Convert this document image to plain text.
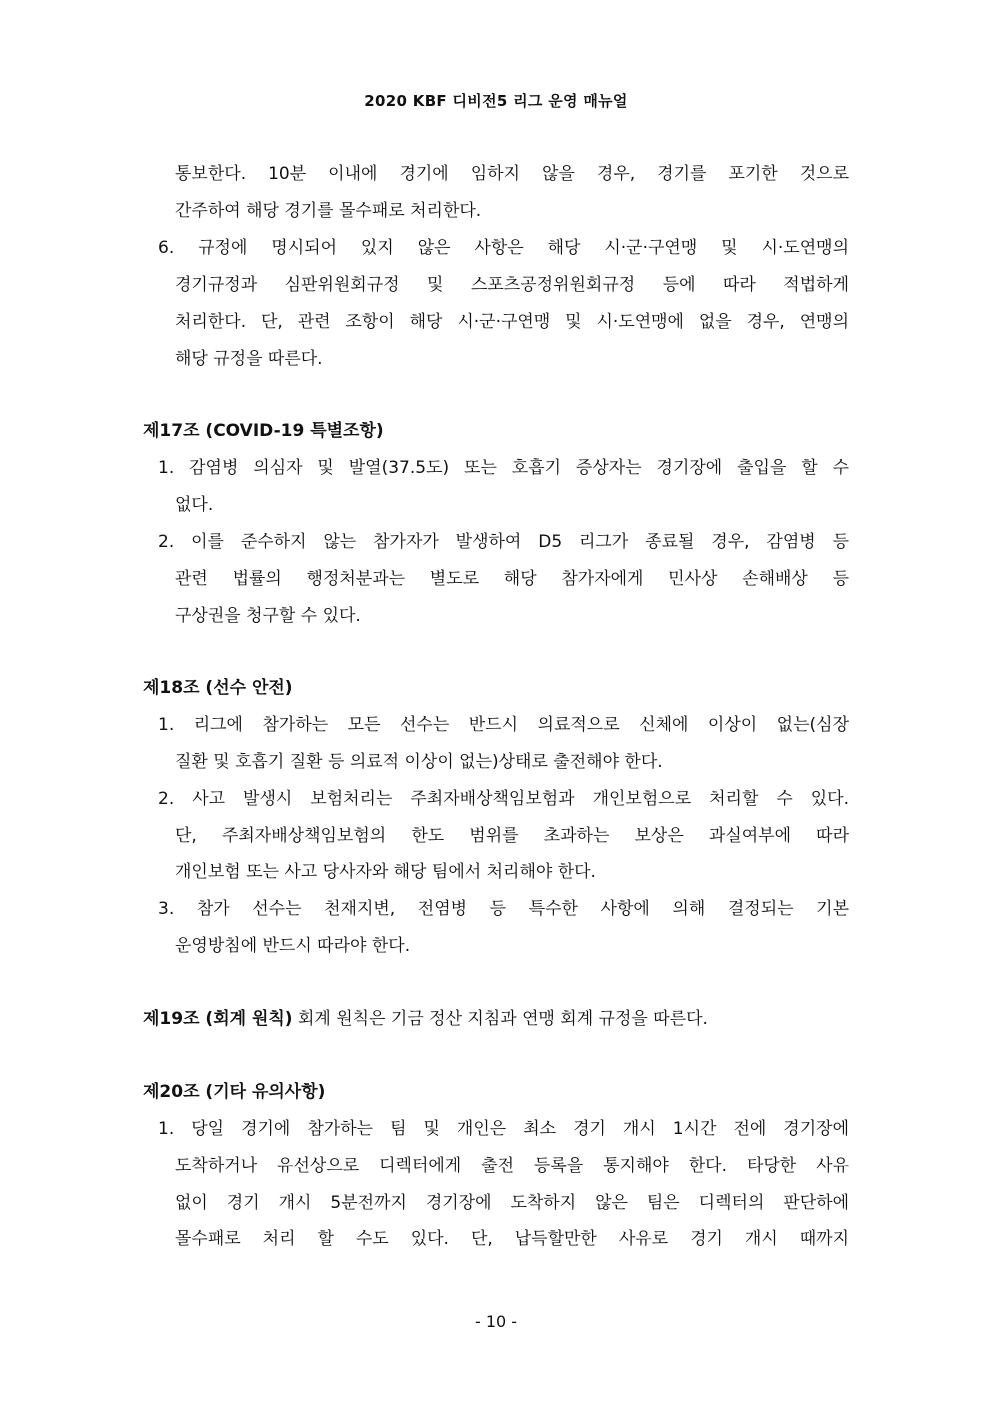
2020 KBF 디비전5 리그 운영 매뉴얼
통보한다. 10분 이내에 경기에 임하지 않을 경우, 경기를 포기한 것으로
간주하여 해당 경기를 몰수패로 처리한다.
6. 규정에 명시되어 있지 않은 사항은 해당 시·군·구연맹 및 시·도연맹의
경기규정과 심판위원회규정 및 스포츠공정위원회규정 등에 따라 적법하게
처리한다. 단, 관련 조항이 해당 시·군·구연맹 및 시·도연맹에 없을 경우, 연맹의
해당 규정을 따른다.
제17조 (COVID-19 특별조항)
1. 감염병 의심자 및 발열(37.5도) 또는 호흡기 증상자는 경기장에 출입을 할 수
없다.
2. 이를 준수하지 않는 참가자가 발생하여 D5 리그가 종료될 경우, 감염병 등
관련 법률의 행정처분과는 별도로 해당 참가자에게 민사상 손해배상 등
구상권을 청구할 수 있다.
제18조 (선수 안전)
1. 리그에 참가하는 모든 선수는 반드시 의료적으로 신체에 이상이 없는(심장
질환 및 호흡기 질환 등 의료적 이상이 없는)상태로 출전해야 한다.
2. 사고 발생시 보험처리는 주최자배상책임보험과 개인보험으로 처리할 수 있다.
단, 주최자배상책임보험의 한도 범위를 초과하는 보상은 과실여부에 따라
개인보험 또는 사고 당사자와 해당 팀에서 처리해야 한다.
3. 참가 선수는 천재지변, 전염병 등 특수한 사항에 의해 결정되는 기본
운영방침에 반드시 따라야 한다.
제19조 (회계 원칙) 회계 원칙은 기금 정산 지침과 연맹 회계 규정을 따른다.
제20조 (기타 유의사항)
1. 당일 경기에 참가하는 팀 및 개인은 최소 경기 개시 1시간 전에 경기장에
도착하거나 유선상으로 디렉터에게 출전 등록을 통지해야 한다. 타당한 사유
없이 경기 개시 5분전까지 경기장에 도착하지 않은 팀은 디렉터의 판단하에
몰수패로 처리 할 수도 있다. 단, 납득할만한 사유로 경기 개시 때까지
- 10 -
